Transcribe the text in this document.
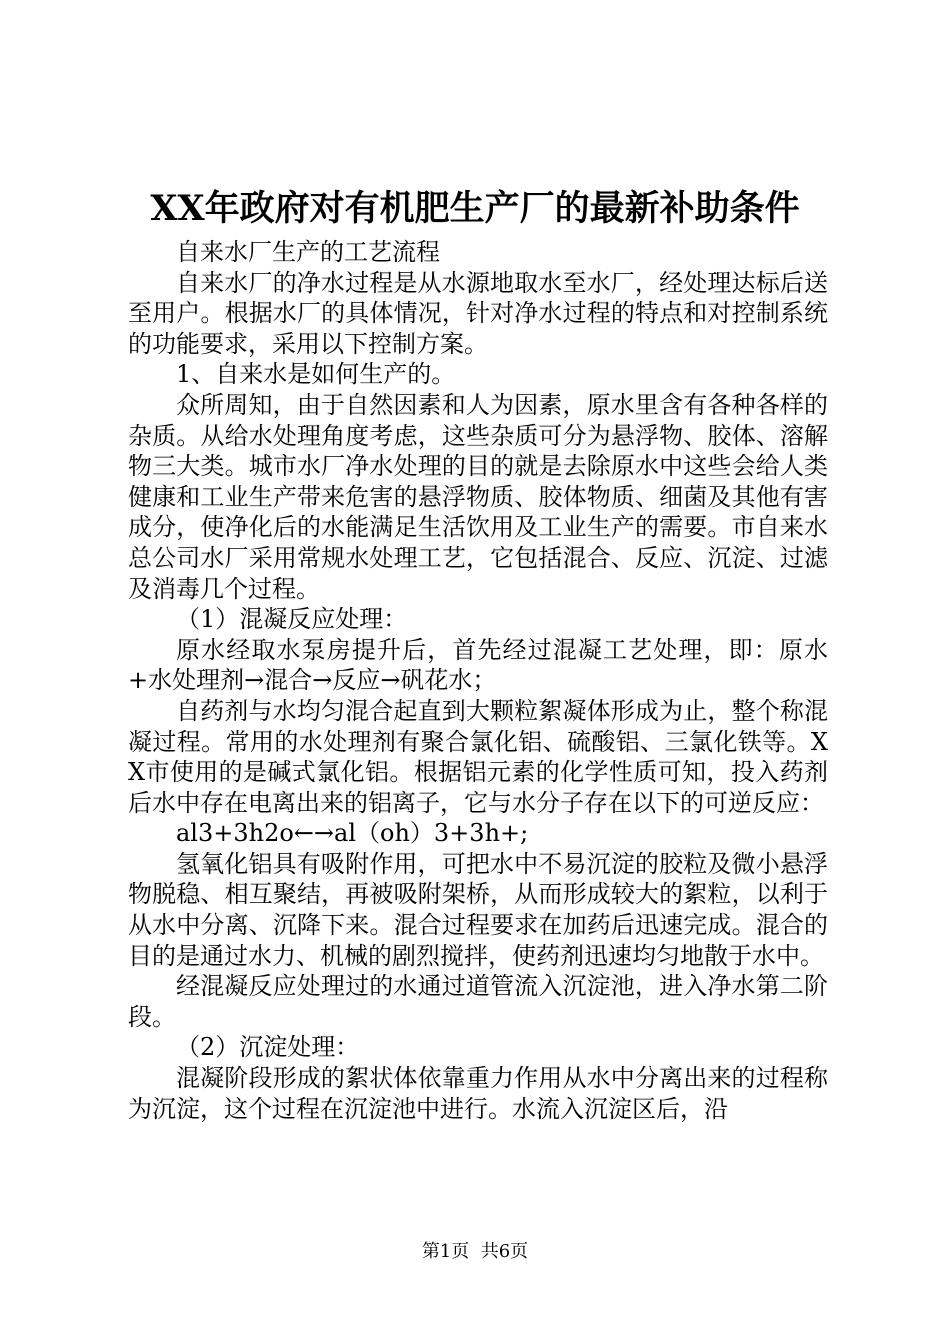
XX年政府对有机肥生产厂的最新补助条件

自来水厂生产的工艺流程

自来水厂的净水过程是从水源地取水至水厂，经处理达标后送至用户。根据水厂的具体情况，针对净水过程的特点和对控制系统的功能要求，采用以下控制方案。

1、自来水是如何生产的。

众所周知，由于自然因素和人为因素，原水里含有各种各样的杂质。从给水处理角度考虑，这些杂质可分为悬浮物、胶体、溶解物三大类。城市水厂净水处理的目的就是去除原水中这些会给人类健康和工业生产带来危害的悬浮物质、胶体物质、细菌及其他有害成分，使净化后的水能满足生活饮用及工业生产的需要。市自来水总公司水厂采用常规水处理工艺，它包括混合、反应、沉淀、过滤及消毒几个过程。

（1）混凝反应处理：

原水经取水泵房提升后，首先经过混凝工艺处理，即：原水+水处理剂→混合→反应→矾花水；

自药剂与水均匀混合起直到大颗粒絮凝体形成为止，整个称混凝过程。常用的水处理剂有聚合氯化铝、硫酸铝、三氯化铁等。XX市使用的是碱式氯化铝。根据铝元素的化学性质可知，投入药剂后水中存在电离出来的铝离子，它与水分子存在以下的可逆反应：

al3+3h2o←→al（oh）3+3h+;

氢氧化铝具有吸附作用，可把水中不易沉淀的胶粒及微小悬浮物脱稳、相互聚结，再被吸附架桥，从而形成较大的絮粒，以利于从水中分离、沉降下来。混合过程要求在加药后迅速完成。混合的目的是通过水力、机械的剧烈搅拌，使药剂迅速均匀地散于水中。

经混凝反应处理过的水通过道管流入沉淀池，进入净水第二阶段。

（2）沉淀处理：

混凝阶段形成的絮状体依靠重力作用从水中分离出来的过程称为沉淀，这个过程在沉淀池中进行。水流入沉淀区后，沿

第1页 共6页
